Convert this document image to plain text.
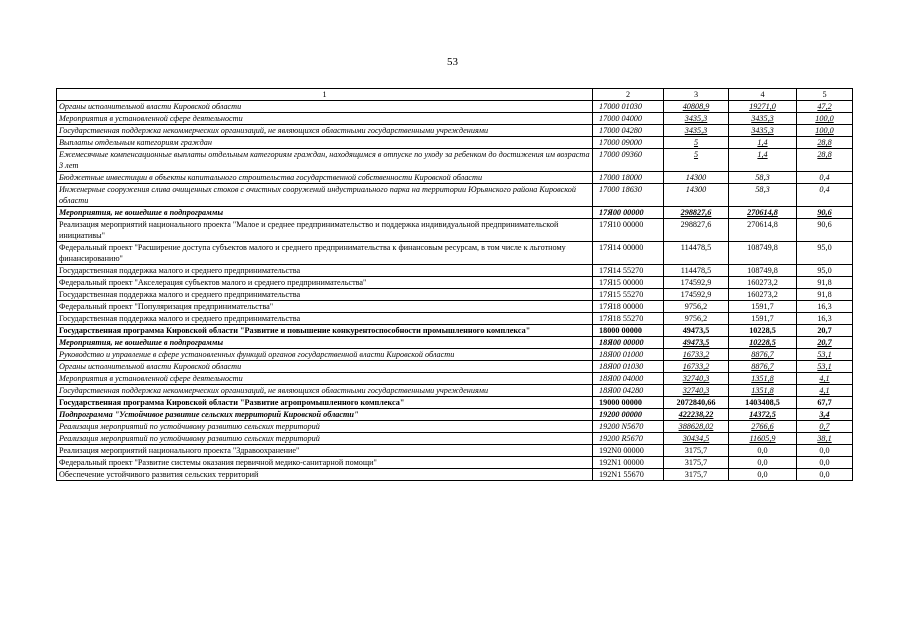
53
1	2	3	4	5
Органы исполнительной власти Кировской области	17000 01030	40808,9	19271,0	47,2
Мероприятия в установленной сфере деятельности	17000 04000	3435,3	3435,3	100,0
Государственная поддержка некоммерческих организаций, не являющихся областными государственными учреждениями	17000 04280	3435,3	3435,3	100,0
Выплаты отдельным категориям граждан	17000 09000	5	1,4	28,8
Ежемесячные компенсационные выплаты отдельным категориям граждан, находящимся в отпуске по уходу за ребенком до достижения им возраста 3 лет	17000 09360	5	1,4	28,8
Бюджетные инвестиции в объекты капитального строительства государственной собственности Кировской области	17000 18000	14300	58,3	0,4
Инженерные сооружения слива очищенных стоков с очистных сооружений индустриального парка на территории Юрьянского района Кировской области	17000 18630	14300	58,3	0,4
Мероприятия, не вошедшие в подпрограммы	17Я00 00000	298827,6	270614,8	90,6
Реализация мероприятий национального проекта "Малое и среднее предпринимательство и поддержка индивидуальной предпринимательской инициативы"	17Я10 00000	298827,6	270614,8	90,6
Федеральный проект "Расширение доступа субъектов малого и среднего предпринимательства к финансовым ресурсам, в том числе к льготному финансированию"	17Я14 00000	114478,5	108749,8	95,0
Государственная поддержка малого и среднего предпринимательства	17Я14 55270	114478,5	108749,8	95,0
Федеральный проект "Акселерация субъектов малого и среднего предпринимательства"	17Я15 00000	174592,9	160273,2	91,8
Государственная поддержка малого и среднего предпринимательства	17Я15 55270	174592,9	160273,2	91,8
Федеральный проект "Популяризация предпринимательства"	17Я18 00000	9756,2	1591,7	16,3
Государственная поддержка малого и среднего предпринимательства	17Я18 55270	9756,2	1591,7	16,3
Государственная программа Кировской области "Развитие и повышение конкурентоспособности промышленного комплекса"	18000 00000	49473,5	10228,5	20,7
Мероприятия, не вошедшие в подпрограммы	18Я00 00000	49473,5	10228,5	20,7
Руководство и управление в сфере установленных функций органов государственной власти Кировской области	18Я00 01000	16733,2	8876,7	53,1
Органы исполнительной власти Кировской области	18Я00 01030	16733,2	8876,7	53,1
Мероприятия в установленной сфере деятельности	18Я00 04000	32740,3	1351,8	4,1
Государственная поддержка некоммерческих организаций, не являющихся областными государственными учреждениями	18Я00 04280	32740,3	1351,8	4,1
Государственная программа Кировской области "Развитие агропромышленного комплекса"	19000 00000	2072840,66	1403408,5	67,7
Подпрограмма "Устойчивое развитие сельских территорий Кировской области"	19200 00000	422238,22	14372,5	3,4
Реализация мероприятий по устойчивому развитию сельских территорий	19200 N5670	388628,02	2766,6	0,7
Реализация мероприятий по устойчивому развитию сельских территорий	19200 R5670	30434,5	11605,9	38,1
Реализация мероприятий национального проекта "Здравоохранение"	192N0 00000	3175,7	0,0	0,0
Федеральный проект "Развитие системы оказания первичной медико-санитарной помощи"	192N1 00000	3175,7	0,0	0,0
Обеспечение устойчивого развития сельских территорий	192N1 55670	3175,7	0,0	0,0
